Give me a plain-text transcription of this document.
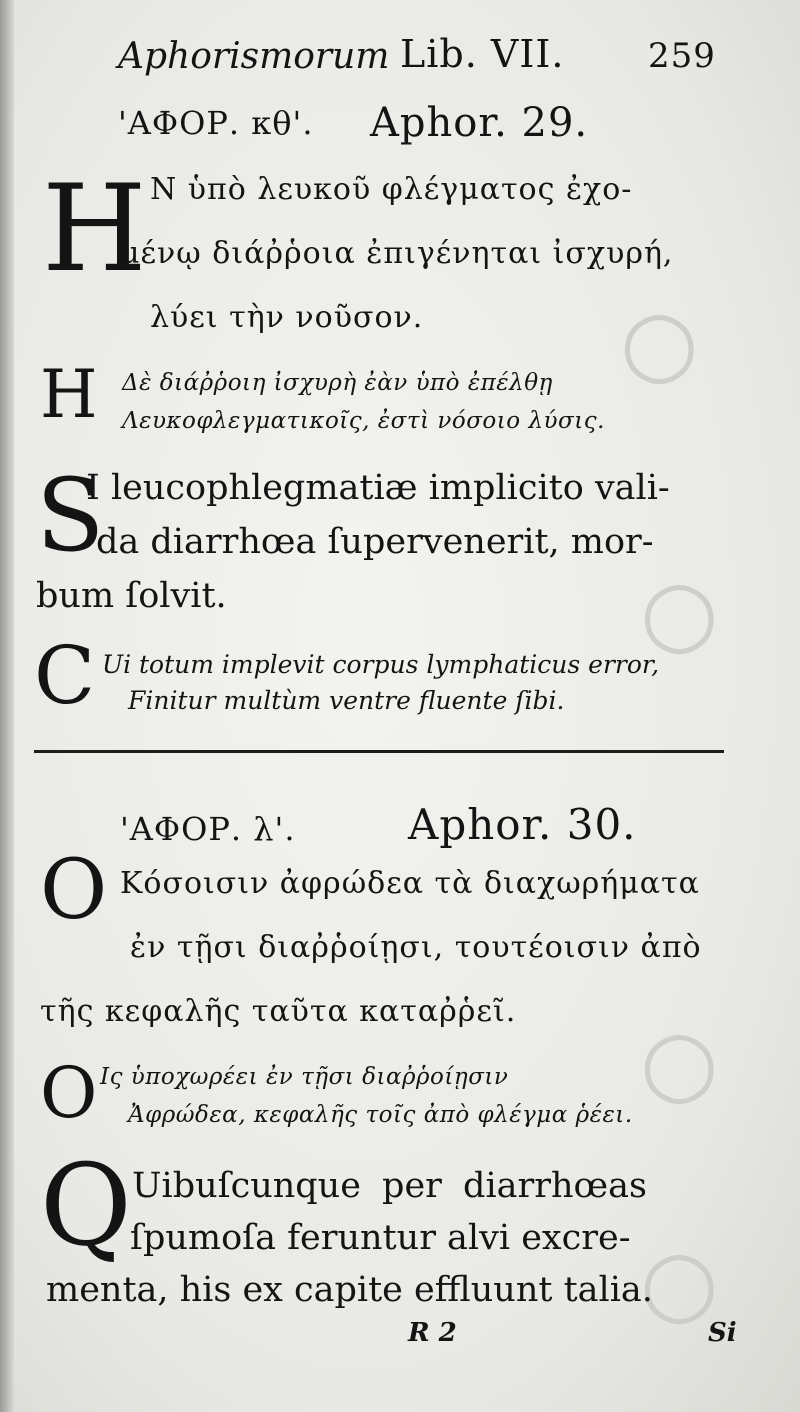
○
○
○
○
Aphorismorum Lib. VII. 259
'ΑΦΟΡ. κθ'. Aphor. 29.
H Ν ὑπὸ λευκοῦ φλέγματος ἐχο-
μένῳ διάῤῥοια ἐπιγένηται ἰσχυρή,
λύει τὴν νοῦσον.
H Δὲ διάῤῥοιη ἰσχυρὴ ἐὰν ὑπὸ ἐπέλθῃ
Λευκοφλεγματικοῖς, ἐστὶ νόσοιο λύσις.
S
I leucophlegmatiæ implicito vali-
da diarrhœa ſupervenerit, mor-
bum ſolvit.
C Ui totum implevit corpus lymphaticus error,
Finitur multùm ventre fluente ſibi.
'ΑΦΟΡ. λ'.	Aphor. 30.
O Κόσοισιν ἀφρώδεα τὰ διαχωρήματα
ἐν τῇσι διαῤῥοίῃσι, τουτέοισιν ἀπὸ
τῆς κεφαλῆς ταῦτα καταῤῥεῖ.
O Ις ὑποχωρέει ἐν τῇσι διαῤῥοίῃσιν
Ἀφρώδεα, κεφαλῆς τοῖς ἀπὸ φλέγμα ῥέει.
Q Uibuſcunque per diarrhœas
ſpumoſa feruntur alvi excre-
menta, his ex capite effluunt talia.
R 2	Si
